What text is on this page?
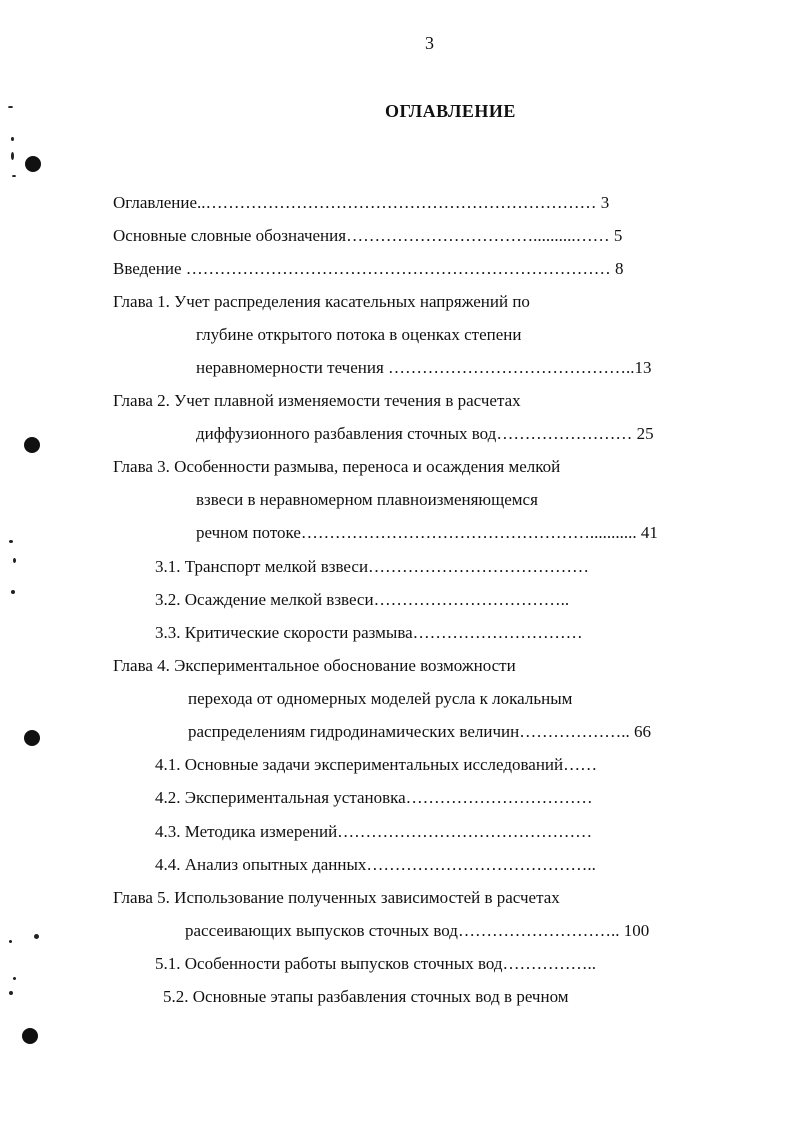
3
ОГЛАВЛЕНИЕ
Оглавление..…………………………………………………………… 3
Основные словные обозначения……………………………..........…… 5
Введение ………………………………………………………………… 8
Глава 1. Учет распределения касательных напряжений по
глубине открытого потока в оценках степени
неравномерности течения ……………………………………..13
Глава 2. Учет плавной изменяемости течения в расчетах
диффузионного разбавления сточных вод…………………… 25
Глава 3. Особенности размыва, переноса и осаждения мелкой
взвеси в неравномерном плавноизменяющемся
речном потоке……………………………………………........... 41
3.1. Транспорт мелкой взвеси…………………………………
3.2. Осаждение мелкой взвеси……………………………..
3.3. Критические скорости размыва…………………………
Глава 4. Экспериментальное обоснование возможности
перехода от одномерных моделей русла к локальным
распределениям гидродинамических величин……………….. 66
4.1. Основные задачи экспериментальных исследований……
4.2. Экспериментальная установка……………………………
4.3. Методика измерений………………………………………
4.4. Анализ опытных данных…………………………………..
Глава 5. Использование полученных зависимостей в расчетах
рассеивающих выпусков сточных вод……………………….. 100
5.1. Особенности работы выпусков сточных вод……………..
5.2. Основные этапы разбавления сточных вод в речном
